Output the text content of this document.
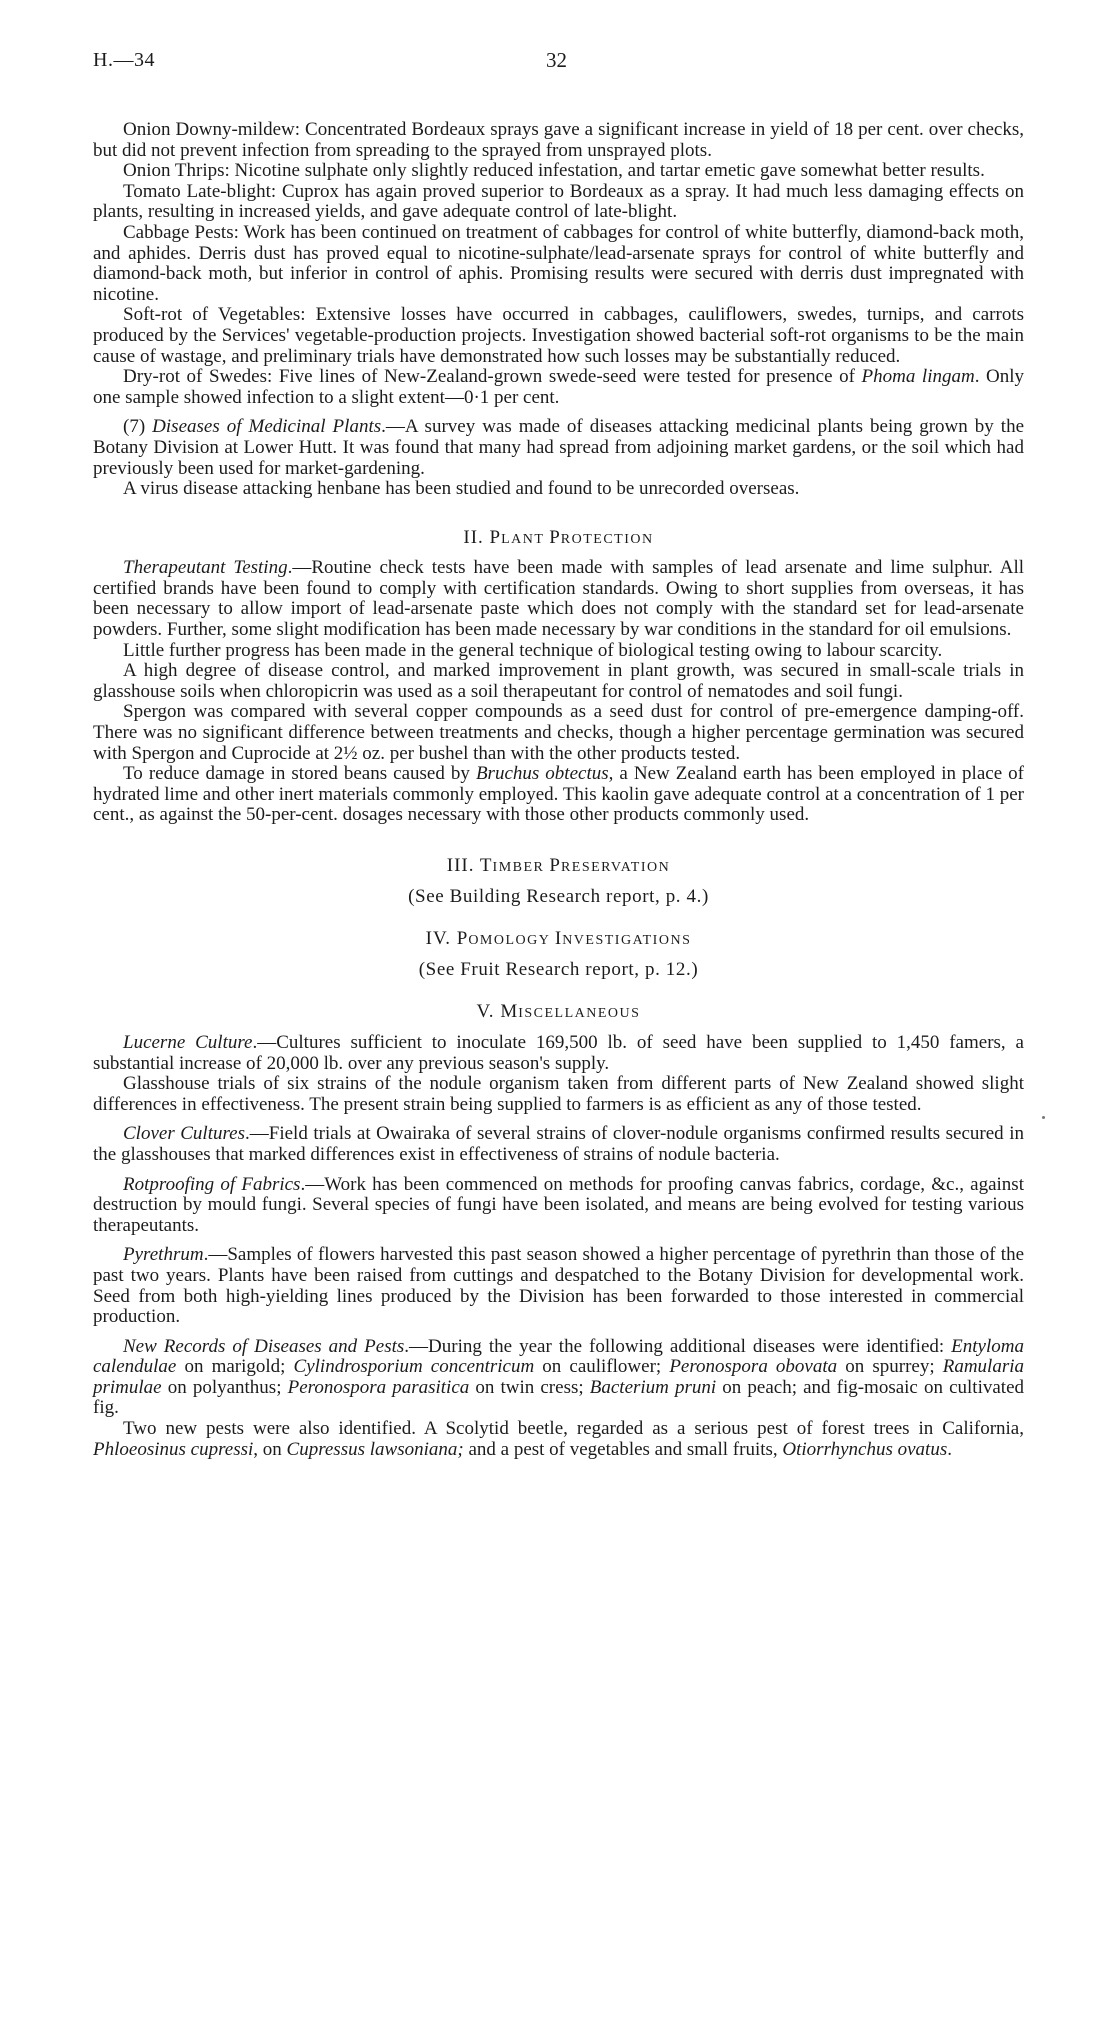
H.—34	32

Onion Downy-mildew: Concentrated Bordeaux sprays gave a significant increase in yield of 18 per cent. over checks, but did not prevent infection from spreading to the sprayed from unsprayed plots.

Onion Thrips: Nicotine sulphate only slightly reduced infestation, and tartar emetic gave somewhat better results.

Tomato Late-blight: Cuprox has again proved superior to Bordeaux as a spray. It had much less damaging effects on plants, resulting in increased yields, and gave adequate control of late-blight.

Cabbage Pests: Work has been continued on treatment of cabbages for control of white butterfly, diamond-back moth, and aphides. Derris dust has proved equal to nicotine-sulphate/lead-arsenate sprays for control of white butterfly and diamond-back moth, but inferior in control of aphis. Promising results were secured with derris dust impregnated with nicotine.

Soft-rot of Vegetables: Extensive losses have occurred in cabbages, cauliflowers, swedes, turnips, and carrots produced by the Services' vegetable-production projects. Investigation showed bacterial soft-rot organisms to be the main cause of wastage, and preliminary trials have demonstrated how such losses may be substantially reduced.

Dry-rot of Swedes: Five lines of New-Zealand-grown swede-seed were tested for presence of Phoma lingam. Only one sample showed infection to a slight extent—0·1 per cent.

(7) Diseases of Medicinal Plants.—A survey was made of diseases attacking medicinal plants being grown by the Botany Division at Lower Hutt. It was found that many had spread from adjoining market gardens, or the soil which had previously been used for market-gardening.

A virus disease attacking henbane has been studied and found to be unrecorded overseas.

II. PLANT PROTECTION

Therapeutant Testing.—Routine check tests have been made with samples of lead arsenate and lime sulphur. All certified brands have been found to comply with certification standards. Owing to short supplies from overseas, it has been necessary to allow import of lead-arsenate paste which does not comply with the standard set for lead-arsenate powders. Further, some slight modification has been made necessary by war conditions in the standard for oil emulsions.

Little further progress has been made in the general technique of biological testing owing to labour scarcity.

A high degree of disease control, and marked improvement in plant growth, was secured in small-scale trials in glasshouse soils when chloropicrin was used as a soil therapeutant for control of nematodes and soil fungi.

Spergon was compared with several copper compounds as a seed dust for control of pre-emergence damping-off. There was no significant difference between treatments and checks, though a higher percentage germination was secured with Spergon and Cuprocide at 2½ oz. per bushel than with the other products tested.

To reduce damage in stored beans caused by Bruchus obtectus, a New Zealand earth has been employed in place of hydrated lime and other inert materials commonly employed. This kaolin gave adequate control at a concentration of 1 per cent., as against the 50-per-cent. dosages necessary with those other products commonly used.

III. TIMBER PRESERVATION
(See Building Research report, p. 4.)
IV. POMOLOGY INVESTIGATIONS
(See Fruit Research report, p. 12.)
V. MISCELLANEOUS

Lucerne Culture.—Cultures sufficient to inoculate 169,500 lb. of seed have been supplied to 1,450 famers, a substantial increase of 20,000 lb. over any previous season's supply.

Glasshouse trials of six strains of the nodule organism taken from different parts of New Zealand showed slight differences in effectiveness. The present strain being supplied to farmers is as efficient as any of those tested.

Clover Cultures.—Field trials at Owairaka of several strains of clover-nodule organisms confirmed results secured in the glasshouses that marked differences exist in effectiveness of strains of nodule bacteria.

Rotproofing of Fabrics.—Work has been commenced on methods for proofing canvas fabrics, cordage, &c., against destruction by mould fungi. Several species of fungi have been isolated, and means are being evolved for testing various therapeutants.

Pyrethrum.—Samples of flowers harvested this past season showed a higher percentage of pyrethrin than those of the past two years. Plants have been raised from cuttings and despatched to the Botany Division for developmental work. Seed from both high-yielding lines produced by the Division has been forwarded to those interested in commercial production.

New Records of Diseases and Pests.—During the year the following additional diseases were identified: Entyloma calendulae on marigold; Cylindrosporium concentricum on cauliflower; Peronospora obovata on spurrey; Ramularia primulae on polyanthus; Peronospora parasitica on twin cress; Bacterium pruni on peach; and fig-mosaic on cultivated fig.

Two new pests were also identified. A Scolytid beetle, regarded as a serious pest of forest trees in California, Phloeosinus cupressi, on Cupressus lawsoniana; and a pest of vegetables and small fruits, Otiorrhynchus ovatus.
